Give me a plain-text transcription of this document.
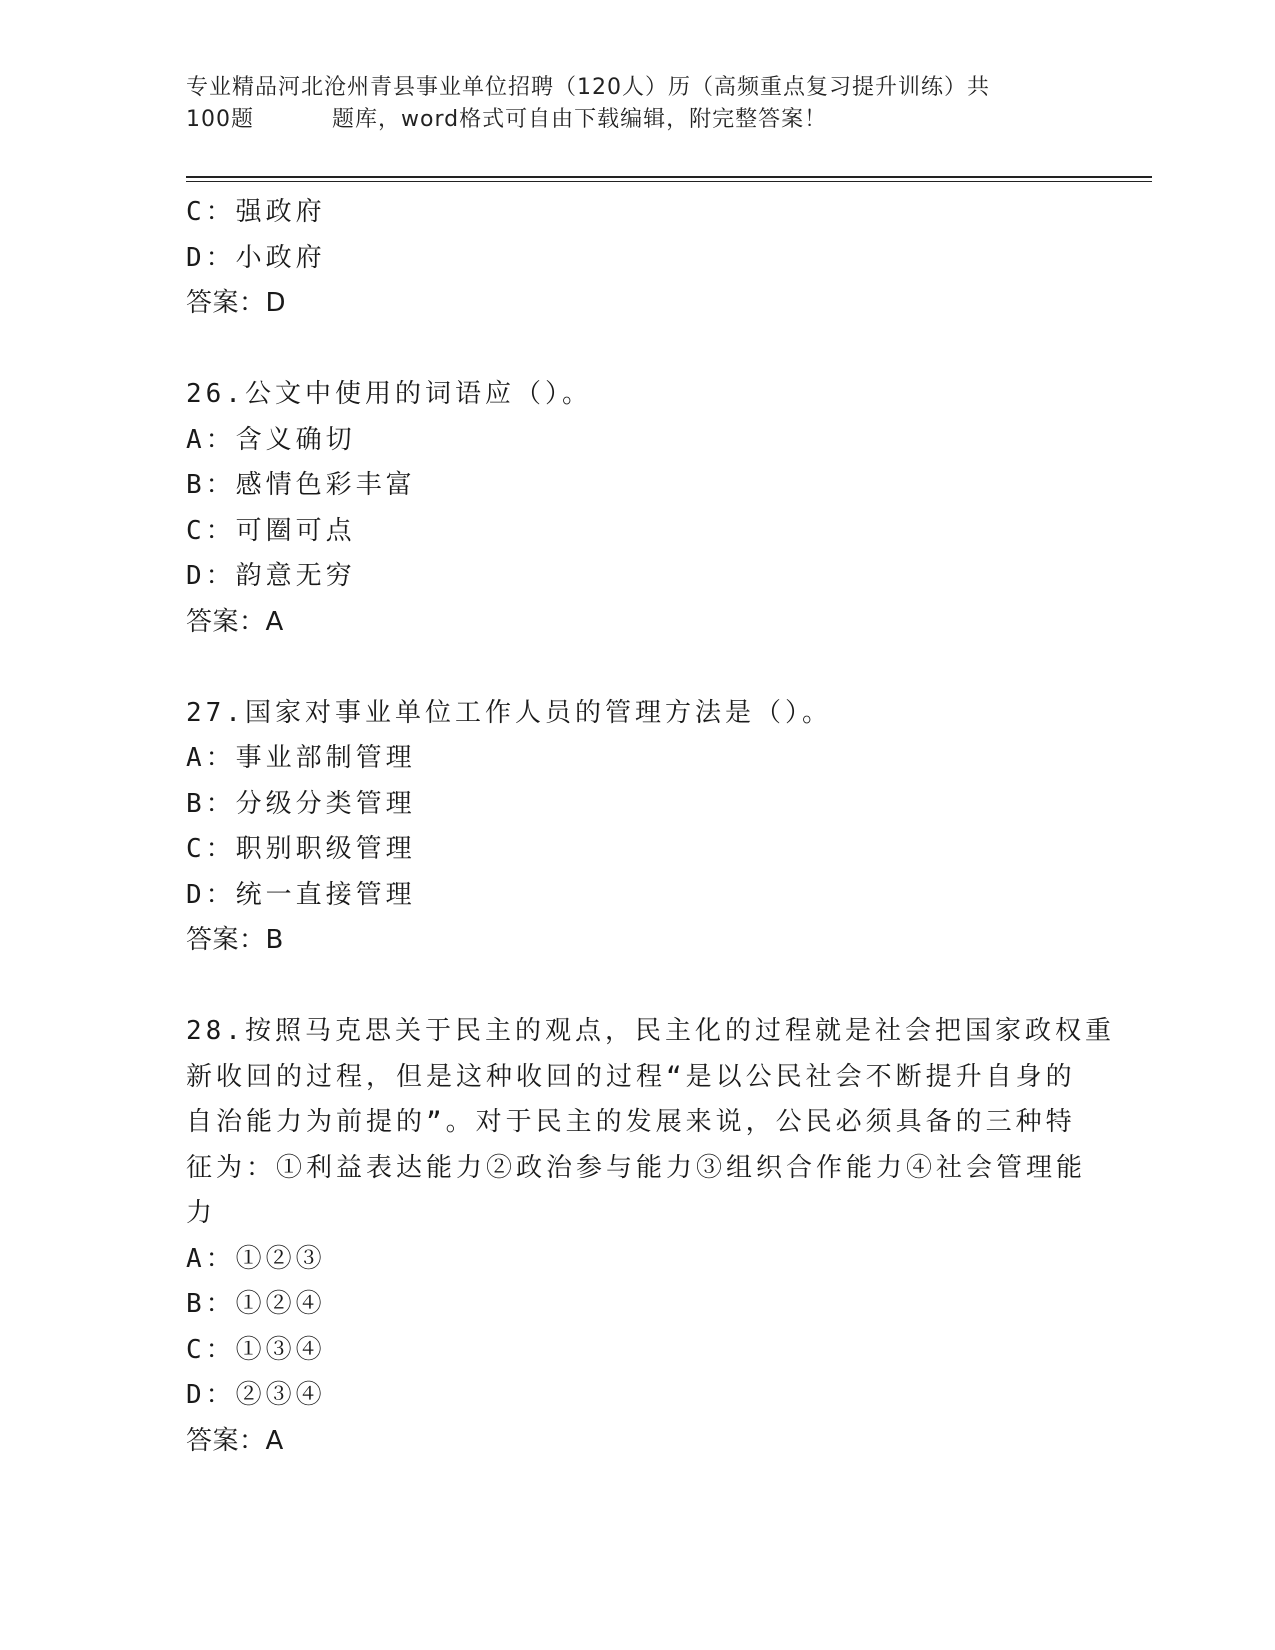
专业精品河北沧州青县事业单位招聘（120人）历（高频重点复习提升训练）共
100题	题库，word格式可自由下载编辑，附完整答案！
C：强政府
D：小政府
答案：D
26.公文中使用的词语应（）。
A：含义确切
B：感情色彩丰富
C：可圈可点
D：韵意无穷
答案：A
27.国家对事业单位工作人员的管理方法是（）。
A：事业部制管理
B：分级分类管理
C：职别职级管理
D：统一直接管理
答案：B
28.按照马克思关于民主的观点，民主化的过程就是社会把国家政权重
新收回的过程，但是这种收回的过程“是以公民社会不断提升自身的
自治能力为前提的”。对于民主的发展来说，公民必须具备的三种特
征为：①利益表达能力②政治参与能力③组织合作能力④社会管理能
力
A：①②③
B：①②④
C：①③④
D：②③④
答案：A
